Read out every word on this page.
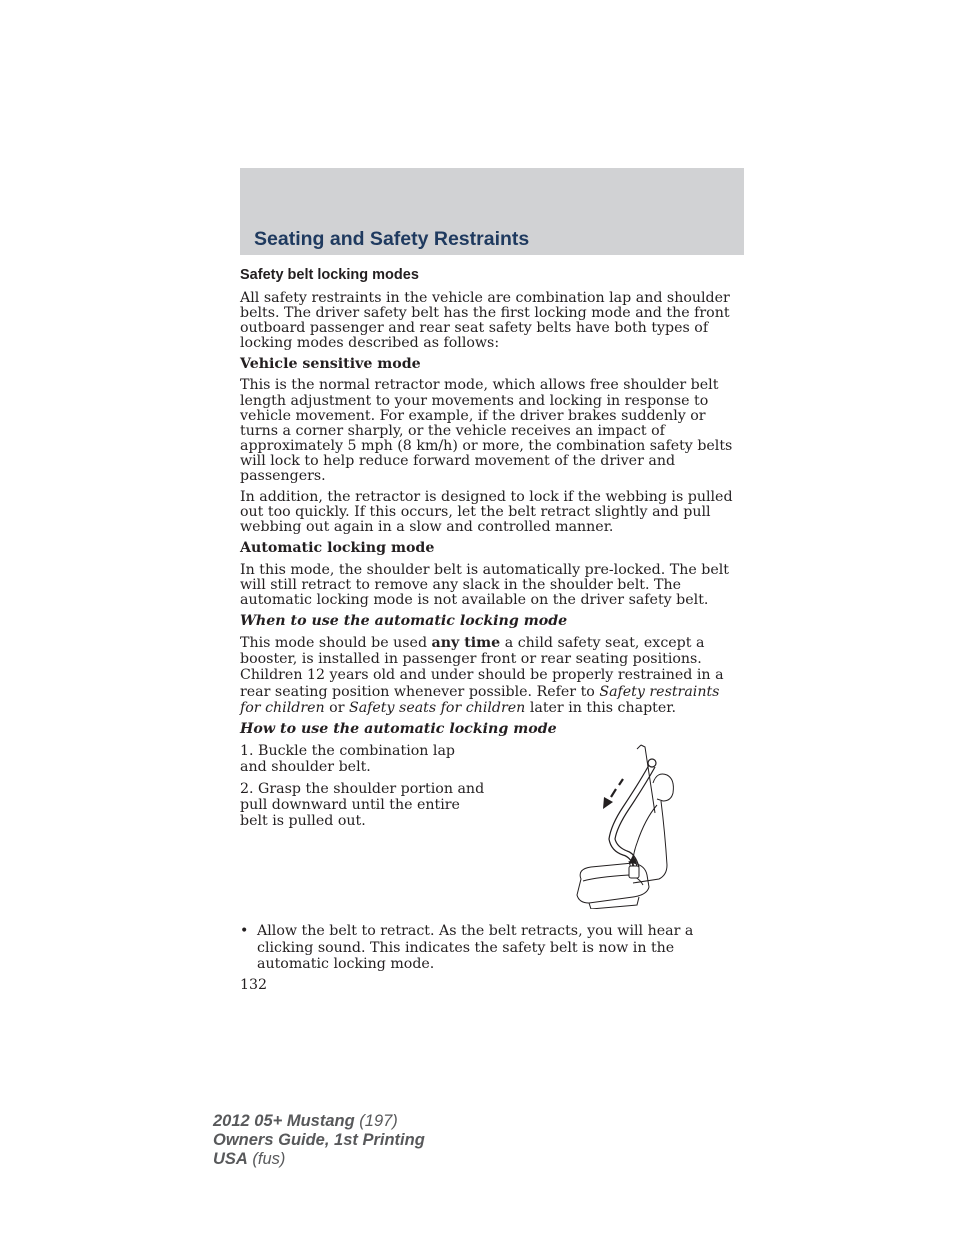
Seating and Safety Restraints
Safety belt locking modes

All safety restraints in the vehicle are combination lap and shoulder belts. The driver safety belt has the first locking mode and the front outboard passenger and rear seat safety belts have both types of locking modes described as follows:

Vehicle sensitive mode

This is the normal retractor mode, which allows free shoulder belt length adjustment to your movements and locking in response to vehicle movement. For example, if the driver brakes suddenly or turns a corner sharply, or the vehicle receives an impact of approximately 5 mph (8 km/h) or more, the combination safety belts will lock to help reduce forward movement of the driver and passengers.

In addition, the retractor is designed to lock if the webbing is pulled out too quickly. If this occurs, let the belt retract slightly and pull webbing out again in a slow and controlled manner.

Automatic locking mode

In this mode, the shoulder belt is automatically pre-locked. The belt will still retract to remove any slack in the shoulder belt. The automatic locking mode is not available on the driver safety belt.

When to use the automatic locking mode

This mode should be used any time a child safety seat, except a booster, is installed in passenger front or rear seating positions. Children 12 years old and under should be properly restrained in a rear seating position whenever possible. Refer to Safety restraints for children or Safety seats for children later in this chapter.

How to use the automatic locking mode

1. Buckle the combination lap and shoulder belt.

2. Grasp the shoulder portion and pull downward until the entire belt is pulled out.

• Allow the belt to retract. As the belt retracts, you will hear a clicking sound. This indicates the safety belt is now in the automatic locking mode.

132

2012 05+ Mustang (197)
Owners Guide, 1st Printing
USA (fus)
